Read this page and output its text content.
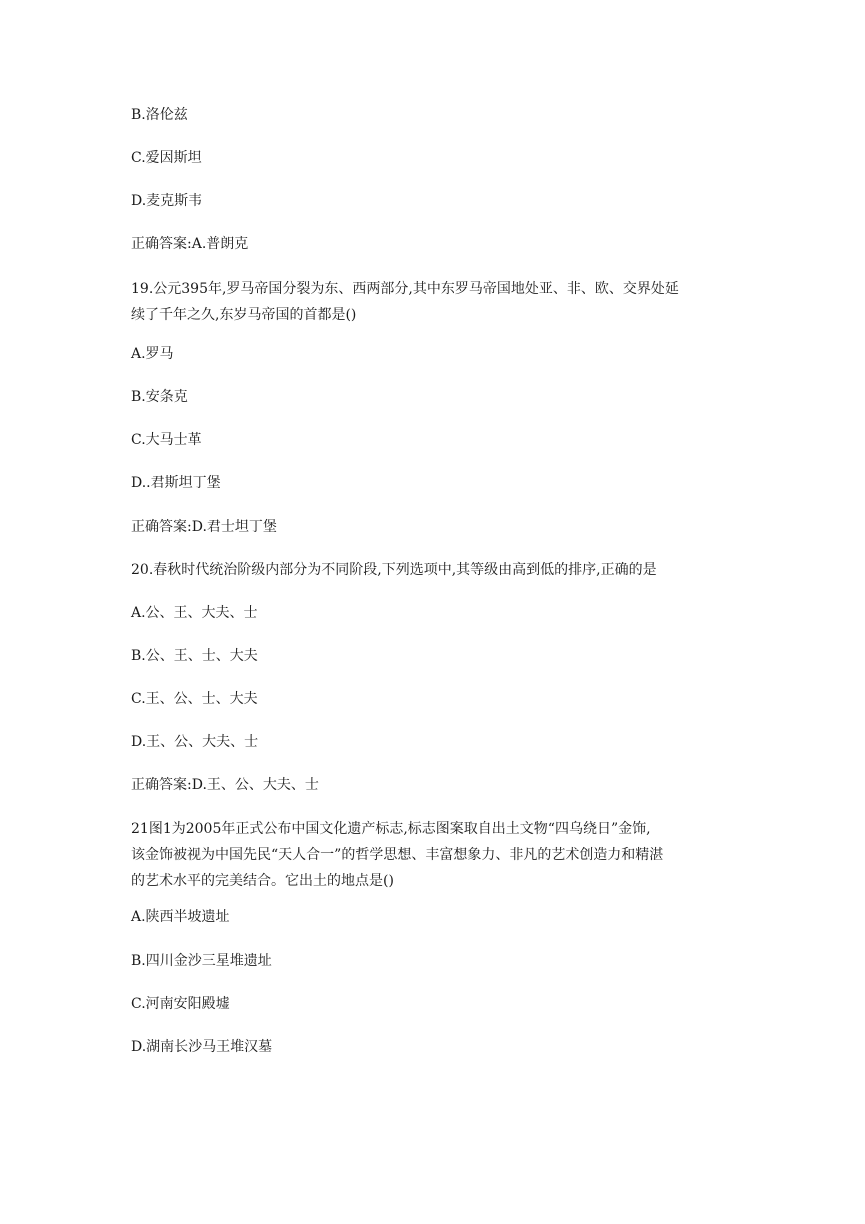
B.洛伦兹
C.爱因斯坦
D.麦克斯韦
正确答案:A.普朗克
19.公元395年,罗马帝国分裂为东、西两部分,其中东罗马帝国地处亚、非、欧、交界处延
续了千年之久,东岁马帝国的首都是()
A.罗马
B.安条克
C.大马士革
D..君斯坦丁堡
正确答案:D.君士坦丁堡
20.春秋时代统治阶级内部分为不同阶段,下列选项中,其等级由高到低的排序,正确的是
A.公、王、大夫、士
B.公、王、士、大夫
C.王、公、士、大夫
D.王、公、大夫、士
正确答案:D.王、公、大夫、士
21图1为2005年正式公布中国文化遗产标志,标志图案取自出土文物“四乌绕日”金饰,
该金饰被视为中国先民“天人合一”的哲学思想、丰富想象力、非凡的艺术创造力和精湛
的艺术水平的完美结合。它出土的地点是()
A.陕西半坡遗址
B.四川金沙三星堆遗址
C.河南安阳殿墟
D.湖南长沙马王堆汉墓
